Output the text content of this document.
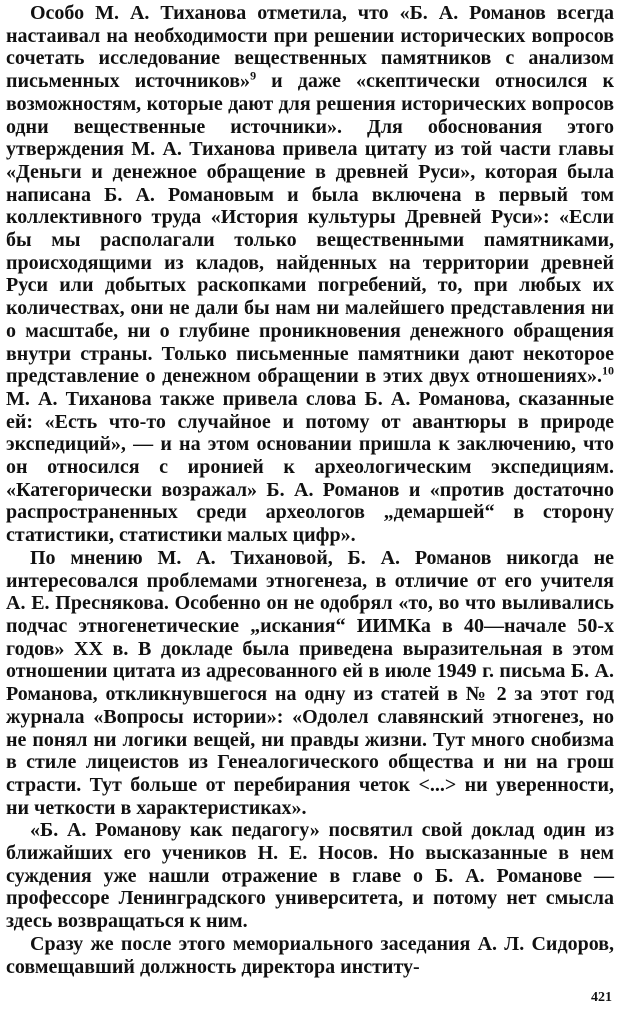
Особо М. А. Тиханова отметила, что «Б. А. Романов всегда настаивал на необходимости при решении исторических вопросов сочетать исследование вещественных памятников с анализом письменных источников»$^9$ и даже «скептически относился к возможностям, которые дают для решения исторических вопросов одни вещественные источники». Для обоснования этого утверждения М. А. Тиханова привела цитату из той части главы «Деньги и денежное обращение в древней Руси», которая была написана Б. А. Романовым и была включена в первый том коллективного труда «История культуры Древней Руси»: «Если бы мы располагали только вещественными памятниками, происходящими из кладов, найденных на территории древней Руси или добытых раскопками погребений, то, при любых их количествах, они не дали бы нам ни малейшего представления ни о масштабе, ни о глубине проникновения денежного обращения внутри страны. Только письменные памятники дают некоторое представление о денежном обращении в этих двух отношениях».$^{10}$ М. А. Тиханова также привела слова Б. А. Романова, сказанные ей: «Есть что-то случайное и потому от авантюры в природе экспедиций», — и на этом основании пришла к заключению, что он относился с иронией к археологическим экспедициям. «Категорически возражал» Б. А. Романов и «против достаточно распространенных среди археологов „демаршей“ в сторону статистики, статистики малых цифр».

По мнению М. А. Тихановой, Б. А. Романов никогда не интересовался проблемами этногенеза, в отличие от его учителя А. Е. Преснякова. Особенно он не одобрял «то, во что выливались подчас этногенетические „искания“ ИИМКа в 40—начале 50-х годов» XX в. В докладе была приведена выразительная в этом отношении цитата из адресованного ей в июле 1949 г. письма Б. А. Романова, откликнувшегося на одну из статей в № 2 за этот год журнала «Вопросы истории»: «Одолел славянский этногенез, но не понял ни логики вещей, ни правды жизни. Тут много снобизма в стиле лицеистов из Генеалогического общества и ни на грош страсти. Тут больше от перебирания четок <...> ни уверенности, ни четкости в характеристиках».

«Б. А. Романову как педагогу» посвятил свой доклад один из ближайших его учеников Н. Е. Носов. Но высказанные в нем суждения уже нашли отражение в главе о Б. А. Романове — профессоре Ленинградского университета, и потому нет смысла здесь возвращаться к ним.

Сразу же после этого мемориального заседания А. Л. Сидоров, совмещавший должность директора институ-

421
